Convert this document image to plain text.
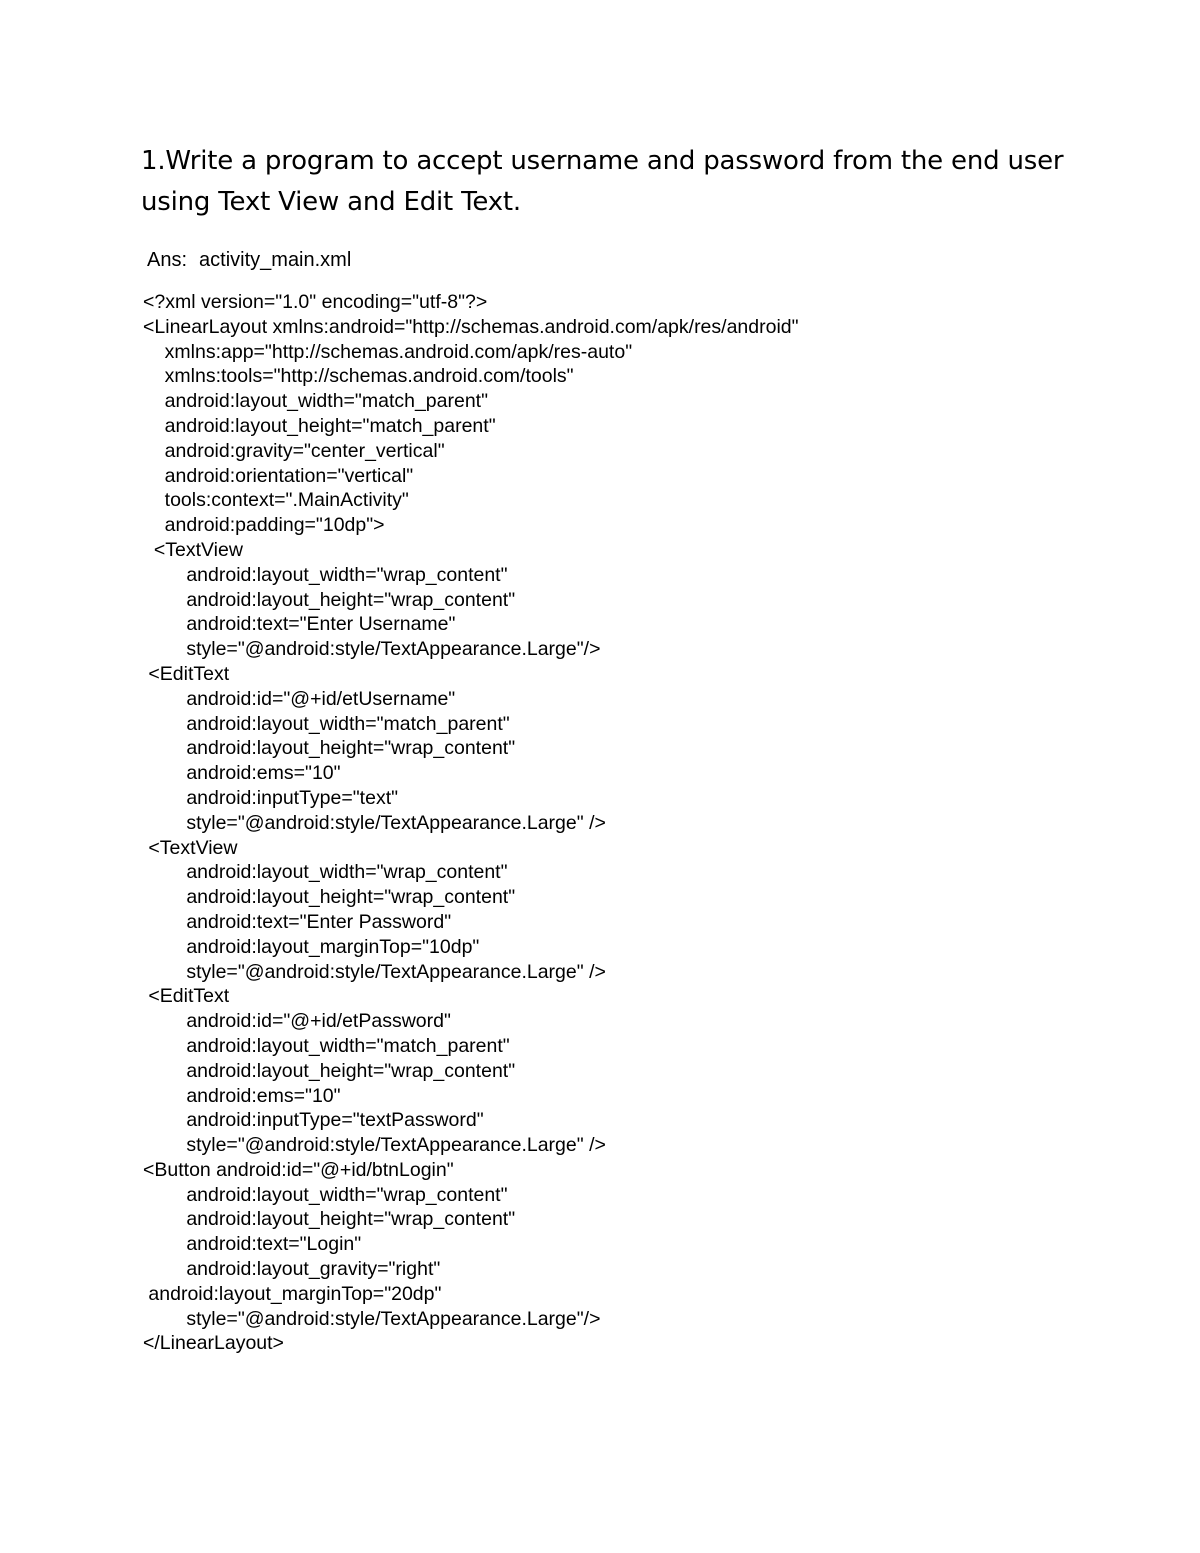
1.Write a program to accept username and password from the end user
using Text View and Edit Text.
Ans: activity_main.xml
<?xml version="1.0" encoding="utf-8"?>
<LinearLayout xmlns:android="http://schemas.android.com/apk/res/android"
xmlns:app="http://schemas.android.com/apk/res-auto"
xmlns:tools="http://schemas.android.com/tools"
android:layout_width="match_parent"
android:layout_height="match_parent"
android:gravity="center_vertical"
android:orientation="vertical"
tools:context=".MainActivity"
android:padding="10dp">
<TextView
android:layout_width="wrap_content"
android:layout_height="wrap_content"
android:text="Enter Username"
style="@android:style/TextAppearance.Large"/>
<EditText
android:id="@+id/etUsername"
android:layout_width="match_parent"
android:layout_height="wrap_content"
android:ems="10"
android:inputType="text"
style="@android:style/TextAppearance.Large" />
<TextView
android:layout_width="wrap_content"
android:layout_height="wrap_content"
android:text="Enter Password"
android:layout_marginTop="10dp"
style="@android:style/TextAppearance.Large" />
<EditText
android:id="@+id/etPassword"
android:layout_width="match_parent"
android:layout_height="wrap_content"
android:ems="10"
android:inputType="textPassword"
style="@android:style/TextAppearance.Large" />
<Button android:id="@+id/btnLogin"
android:layout_width="wrap_content"
android:layout_height="wrap_content"
android:text="Login"
android:layout_gravity="right"
android:layout_marginTop="20dp"
style="@android:style/TextAppearance.Large"/>
</LinearLayout>
